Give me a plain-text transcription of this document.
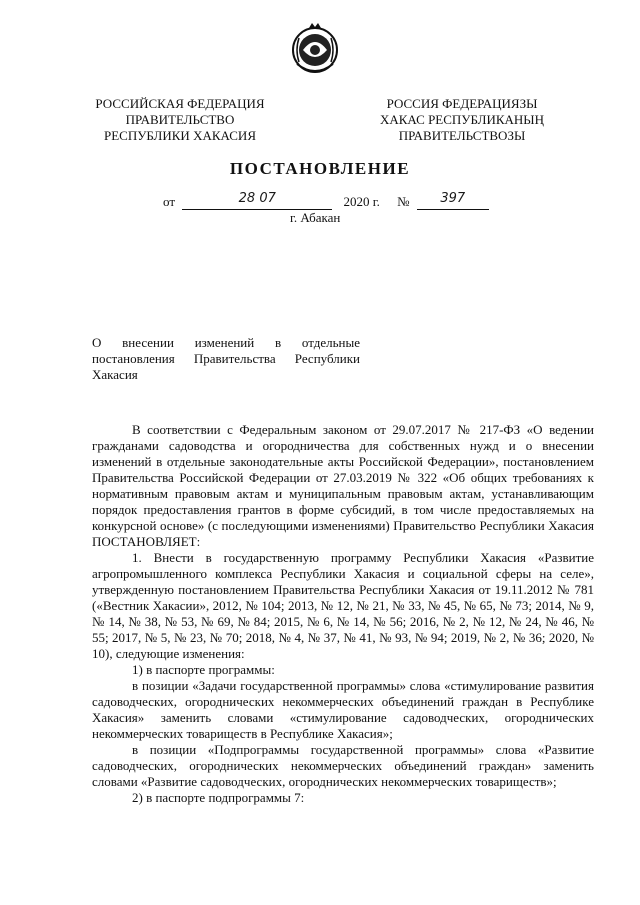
РОССИЙСКАЯ ФЕДЕРАЦИЯ
ПРАВИТЕЛЬСТВО
РЕСПУБЛИКИ ХАКАСИЯ
РОССИЯ ФЕДЕРАЦИЯЗЫ
ХАКАС РЕСПУБЛИКАНЫҢ
ПРАВИТЕЛЬСТВОЗЫ
ПОСТАНОВЛЕНИЕ
от	28 07	2020 г. № 397
г. Абакан
О внесении изменений в отдельные постановления Правительства Республики Хакасия

В соответствии с Федеральным законом от 29.07.2017 № 217-ФЗ «О ведении гражданами садоводства и огородничества для собственных нужд и о внесении изменений в отдельные законодательные акты Российской Федерации», постановлением Правительства Российской Федерации от 27.03.2019 № 322 «Об общих требованиях к нормативным правовым актам и муниципальным правовым актам, устанавливающим порядок предоставления грантов в форме субсидий, в том числе предоставляемых на конкурсной основе» (с последующими изменениями) Правительство Республики Хакасия ПОСТАНОВЛЯЕТ:

1. Внести в государственную программу Республики Хакасия «Развитие агропромышленного комплекса Республики Хакасия и социальной сферы на селе», утвержденную постановлением Правительства Республики Хакасия от 19.11.2012 № 781 («Вестник Хакасии», 2012, № 104; 2013, № 12, № 21, № 33, № 45, № 65, № 73; 2014, № 9, № 14, № 38, № 53, № 69, № 84; 2015, № 6, № 14, № 56; 2016, № 2, № 12, № 24, № 46, № 55; 2017, № 5, № 23, № 70; 2018, № 4, № 37, № 41, № 93, № 94; 2019, № 2, № 36; 2020, № 10), следующие изменения:

1) в паспорте программы:

в позиции «Задачи государственной программы» слова «стимулирование развития садоводческих, огороднических некоммерческих объединений граждан в Республике Хакасия» заменить словами «стимулирование садоводческих, огороднических некоммерческих товариществ в Республике Хакасия»;

в позиции «Подпрограммы государственной программы» слова «Развитие садоводческих, огороднических некоммерческих объединений граждан» заменить словами «Развитие садоводческих, огороднических некоммерческих товариществ»;

2) в паспорте подпрограммы 7:
